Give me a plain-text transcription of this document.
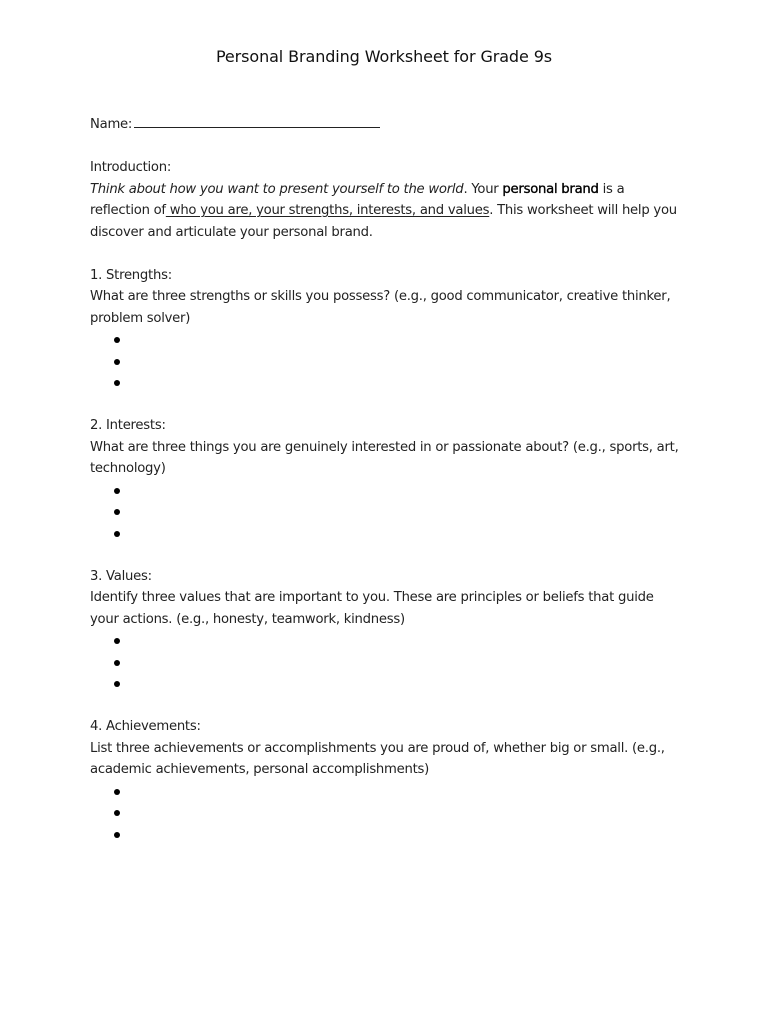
Personal Branding Worksheet for Grade 9s
Name:
Introduction:
Think about how you want to present yourself to the world. Your personal brand is a reflection of who you are, your strengths, interests, and values. This worksheet will help you discover and articulate your personal brand.
1. Strengths:
What are three strengths or skills you possess? (e.g., good communicator, creative thinker, problem solver)
2. Interests:
What are three things you are genuinely interested in or passionate about? (e.g., sports, art, technology)
3. Values:
Identify three values that are important to you. These are principles or beliefs that guide your actions. (e.g., honesty, teamwork, kindness)
4. Achievements:
List three achievements or accomplishments you are proud of, whether big or small. (e.g., academic achievements, personal accomplishments)
